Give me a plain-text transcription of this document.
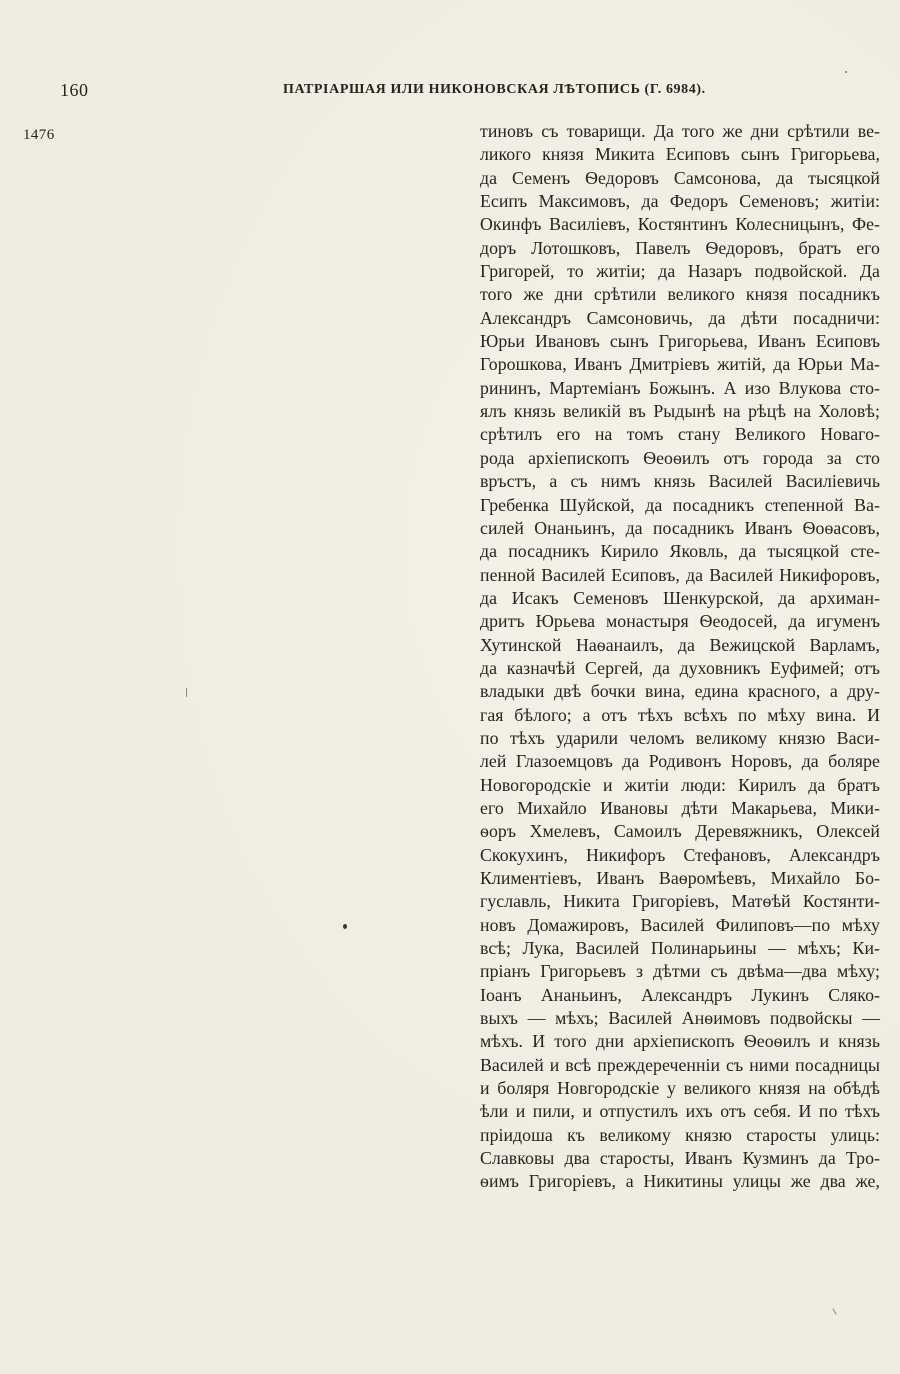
160	ПАТРІАРШАЯ ИЛИ НИКОНОВСКАЯ ЛѢТОПИСЬ (Г. 6984).
1476	тиновъ съ товарищи. Да того же дни срѣтили ве-
ликого князя Микита Есиповъ сынъ Григорьева,
да Семенъ Ѳедоровъ Самсонова, да тысяцкой
Есипъ Максимовъ, да Федоръ Семеновъ; житіи:
Окинфъ Василіевъ, Костянтинъ Колесницынъ, Фе-
доръ Лотошковъ, Павелъ Ѳедоровъ, братъ его
Григорей, то житіи; да Назаръ подвойской. Да
того же дни срѣтили великого князя посадникъ
Александръ Самсоновичь, да дѣти посадничи:
Юрьи Ивановъ сынъ Григорьева, Иванъ Есиповъ
Горошкова, Иванъ Дмитріевъ житій, да Юрьи Ма-
рининъ, Мартеміанъ Божынъ. А изо Влукова сто-
ялъ князь великій въ Рыдынѣ на рѣцѣ на Холовѣ;
срѣтилъ его на томъ стану Великого Новаго-
рода архіепископъ Ѳеоѳилъ отъ города за сто
връстъ, а съ нимъ князь Василей Василіевичь
Гребенка Шуйской, да посадникъ степенной Ва-
силей Онаньинъ, да посадникъ Иванъ Ѳоѳасовъ,
да посадникъ Кирило Яковль, да тысяцкой сте-
пенной Василей Есиповъ, да Василей Никифоровъ,
да Исакъ Семеновъ Шенкурской, да архиман-
дритъ Юрьева монастыря Ѳеодосей, да игуменъ
Хутинской Наѳанаилъ, да Вежицской Варламъ,
да казначѣй Сергей, да духовникъ Еуфимей; отъ
владыки двѣ бочки вина, едина красного, а дру-
гая бѣлого; а отъ тѣхъ всѣхъ по мѣху вина. И
по тѣхъ ударили челомъ великому князю Васи-
лей Глазоемцовъ да Родивонъ Норовъ, да боляре
Новогородскіе и житіи люди: Кирилъ да братъ
его Михайло Ивановы дѣти Макарьева, Мики-
ѳоръ Хмелевъ, Самоилъ Деревяжникъ, Олексей
Скокухинъ, Никифоръ Стефановъ, Александръ
Климентіевъ, Иванъ Ваѳромѣевъ, Михайло Бо-
гуславль, Никита Григоріевъ, Матѳѣй Костянти-
новъ Домажировъ, Василей Филиповъ—по мѣху
всѣ; Лука, Василей Полинарьины — мѣхъ; Ки-
пріанъ Григорьевъ з дѣтми съ двѣма—два мѣху;
Іоанъ Ананьинъ, Александръ Лукинъ Сляко-
выхъ — мѣхъ; Василей Анѳимовъ подвойскы —
мѣхъ. И того дни архіепископъ Ѳеоѳилъ и князь
Василей и всѣ преждереченніи съ ними посадницы
и боляря Новгородскіе у великого князя на обѣдѣ
ѣли и пили, и отпустилъ ихъ отъ себя. И по тѣхъ
пріидоша къ великому князю старосты улиць:
Славковы два старосты, Иванъ Кузминъ да Тро-
ѳимъ Григоріевъ, а Никитины улицы же два же,
